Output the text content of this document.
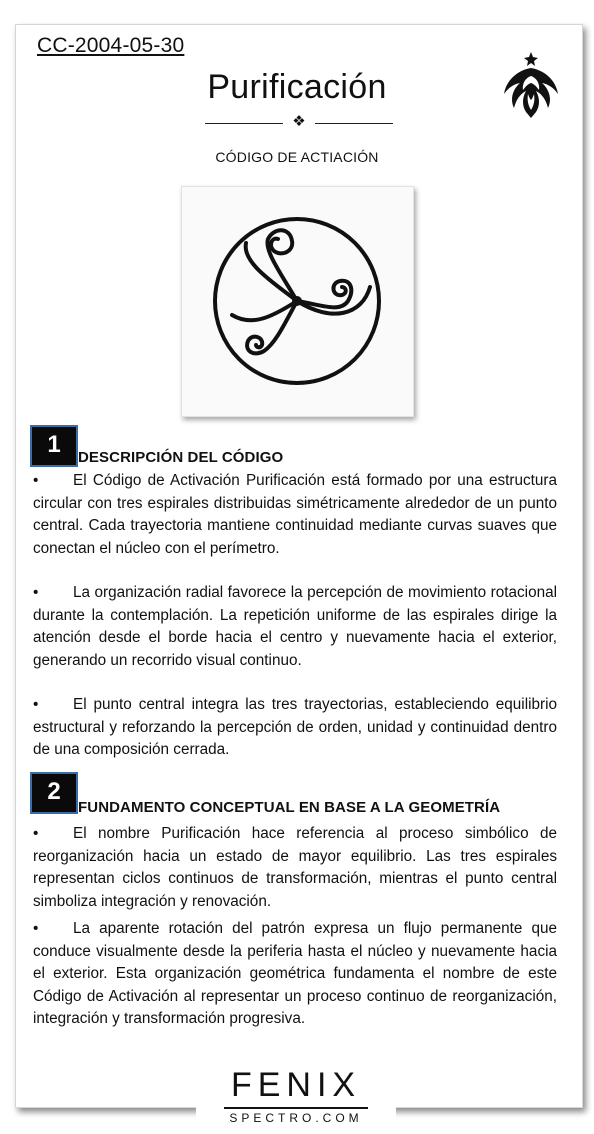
CC-2004-05-30
Purificación
❖
CÓDIGO DE ACTIACIÓN
1	DESCRIPCIÓN DEL CÓDIGO

• El Código de Activación Purificación está formado por una estructura circular con tres espirales distribuidas simétricamente alrededor de un punto central. Cada trayectoria mantiene continuidad mediante curvas suaves que conectan el núcleo con el perímetro.

• La organización radial favorece la percepción de movimiento rotacional durante la contemplación. La repetición uniforme de las espirales dirige la atención desde el borde hacia el centro y nuevamente hacia el exterior, generando un recorrido visual continuo.

• El punto central integra las tres trayectorias, estableciendo equilibrio estructural y reforzando la percepción de orden, unidad y continuidad dentro de una composición cerrada.

2
FUNDAMENTO CONCEPTUAL EN BASE A LA GEOMETRÍA

• El nombre Purificación hace referencia al proceso simbólico de reorganización hacia un estado de mayor equilibrio. Las tres espirales representan ciclos continuos de transformación, mientras el punto central simboliza integración y renovación.

• La aparente rotación del patrón expresa un flujo permanente que conduce visualmente desde la periferia hasta el núcleo y nuevamente hacia el exterior. Esta organización geométrica fundamenta el nombre de este Código de Activación al representar un proceso continuo de reorganización, integración y transformación progresiva.

FENIX
SPECTRO.COM
